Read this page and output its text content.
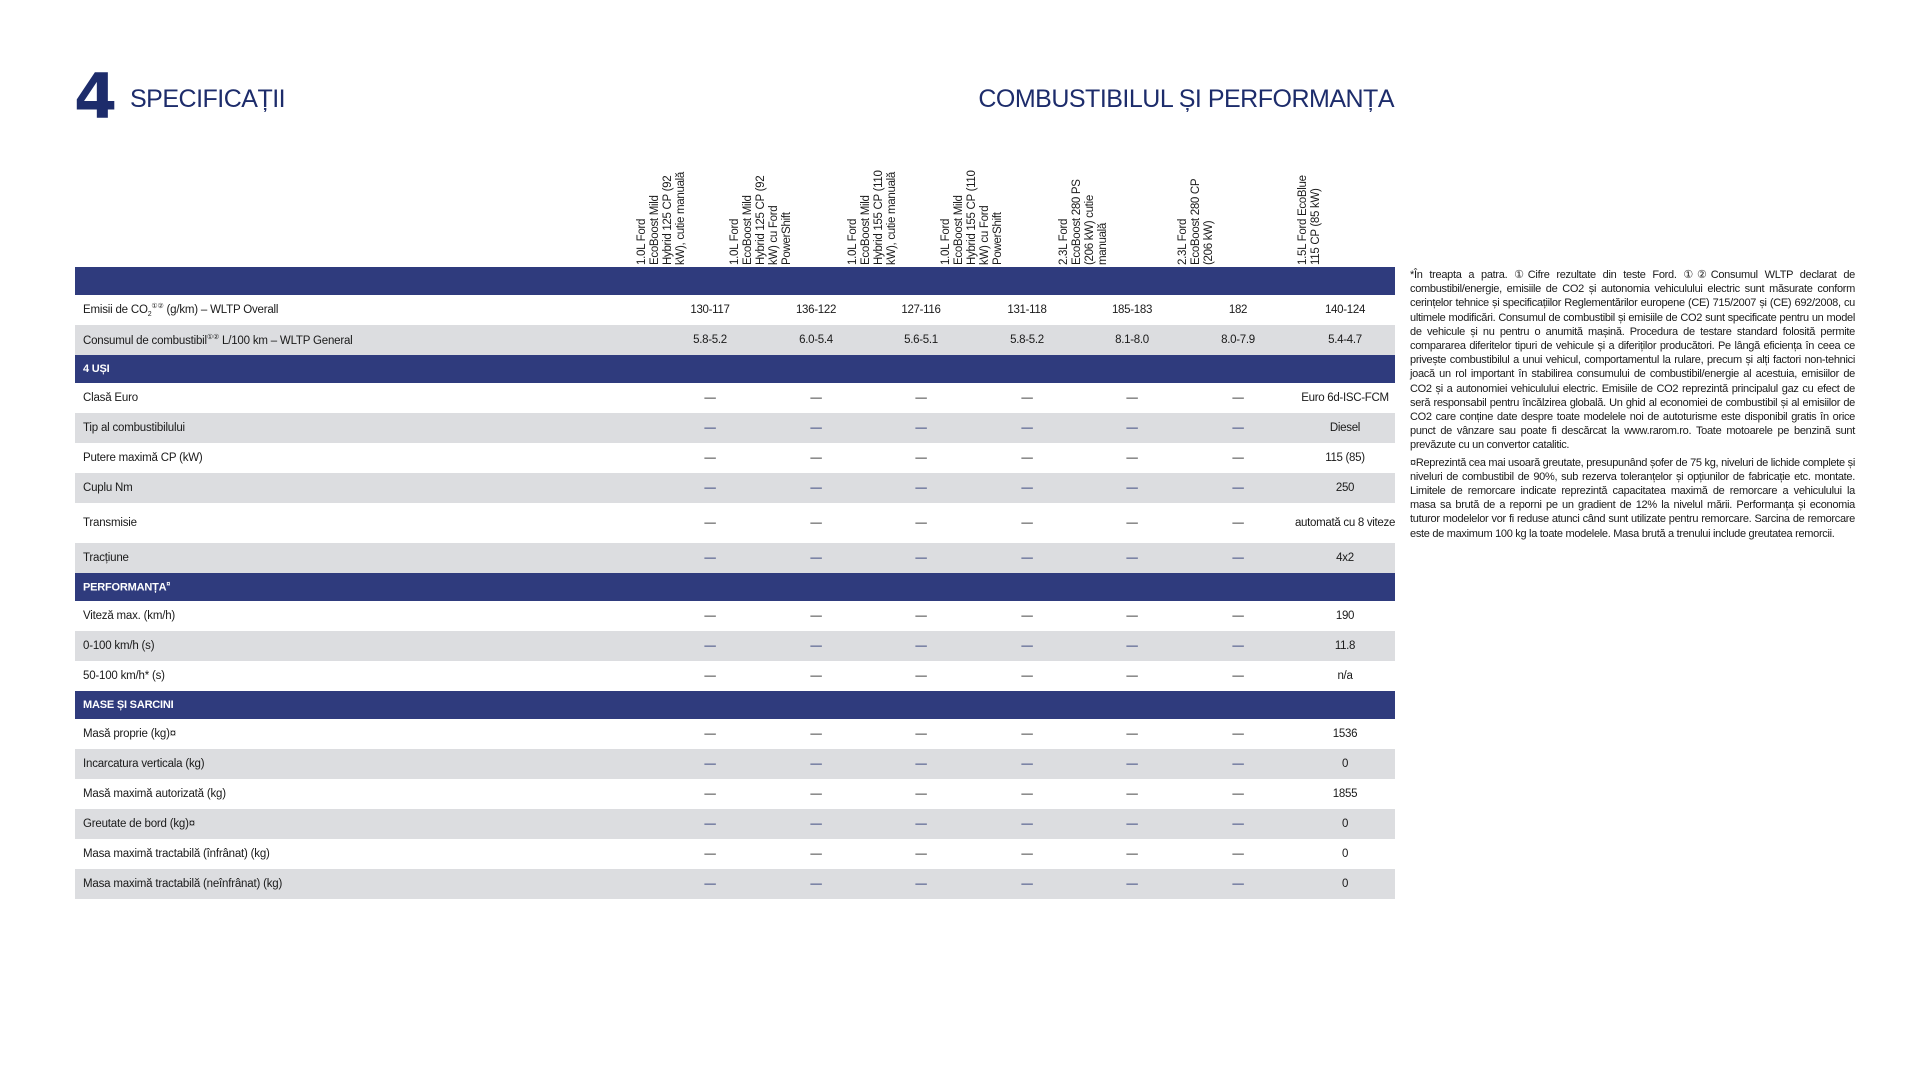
4 SPECIFICAȚII	COMBUSTIBILUL ȘI PERFORMANȚA
1.0L Ford EcoBoost Mild Hybrid 125 CP (92 kW), cutie manuală	1.0L Ford EcoBoost Mild Hybrid 125 CP (92 kW) cu Ford PowerShift	1.0L Ford EcoBoost Mild Hybrid 155 CP (110 kW), cutie manuală	1.0L Ford EcoBoost Mild Hybrid 155 CP (110 kW) cu Ford PowerShift	2.3L Ford EcoBoost 280 PS (206 kW) cutie manuală	2.3L Ford EcoBoost 280 CP (206 kW)	1.5L Ford EcoBlue 115 CP (85 kW)
Emisii de $CO_2^{①②}$ (g/km) – WLTP Overall	130-117	136-122	127-116	131-118	185-183	182	140-124
Consumul de combustibil①② L/100 km – WLTP General	5.8-5.2	6.0-5.4	5.6-5.1	5.8-5.2	8.1-8.0	8.0-7.9	5.4-4.7
4 UȘI
Clasă Euro	—	—	—	—	—	—	Euro 6d-ISC-FCM
Tip al combustibilului	—	—	—	—	—	—	Diesel
Putere maximă CP (kW)	—	—	—	—	—	—	115 (85)
Cuplu Nm	—	—	—	—	—	—	250
Transmisie	—	—	—	—	—	—	automată cu 8 viteze
Tracțiune	—	—	—	—	—	—	4x2
PERFORMANȚA¤
Viteză max. (km/h)	—	—	—	—	—	—	190
0-100 km/h (s)	—	—	—	—	—	—	11.8
50-100 km/h* (s)	—	—	—	—	—	—	n/a
MASE ȘI SARCINI
Masă proprie (kg)¤	—	—	—	—	—	—	1536
Incarcatura verticala (kg)	—	—	—	—	—	—	0
Masă maximă autorizată (kg)	—	—	—	—	—	—	1855
Greutate de bord (kg)¤	—	—	—	—	—	—	0
Masa maximă tractabilă (înfrânat) (kg)	—	—	—	—	—	—	0
Masa maximă tractabilă (neînfrânat) (kg)	—	—	—	—	—	—	0

*În treapta a patra. ①Cifre rezultate din teste Ford. ①②Consumul WLTP declarat de combustibil/energie, emisiile de CO2 și autonomia vehiculului electric sunt măsurate conform cerințelor tehnice și specificațiilor Reglementărilor europene (CE) 715/2007 și (CE) 692/2008, cu ultimele modificări. Consumul de combustibil și emisiile de CO2 sunt specificate pentru un model de vehicule și nu pentru o anumită mașină. Procedura de testare standard folosită permite compararea diferitelor tipuri de vehicule și a diferiților producători. Pe lângă eficiența în ceea ce privește combustibilul a unui vehicul, comportamentul la rulare, precum și alți factori non-tehnici joacă un rol important în stabilirea consumului de combustibil/energie al acestuia, emisiilor de CO2 și a autonomiei vehiculului electric. Emisiile de CO2 reprezintă principalul gaz cu efect de seră responsabil pentru încălzirea globală. Un ghid al economiei de combustibil și al emisiilor de CO2 care conține date despre toate modelele noi de autoturisme este disponibil gratis în orice punct de vânzare sau poate fi descărcat la www.rarom.ro. Toate motoarele pe benzină sunt prevăzute cu un convertor catalitic.

¤Reprezintă cea mai usoară greutate, presupunând șofer de 75 kg, niveluri de lichide complete și niveluri de combustibil de 90%, sub rezerva toleranțelor și opțiunilor de fabricație etc. montate. Limitele de remorcare indicate reprezintă capacitatea maximă de remorcare a vehiculului la masa sa brută de a reporni pe un gradient de 12% la nivelul mării. Performanța și economia tuturor modelelor vor fi reduse atunci când sunt utilizate pentru remorcare. Sarcina de remorcare este de maximum 100 kg la toate modelele. Masa brută a trenului include greutatea remorcii.
